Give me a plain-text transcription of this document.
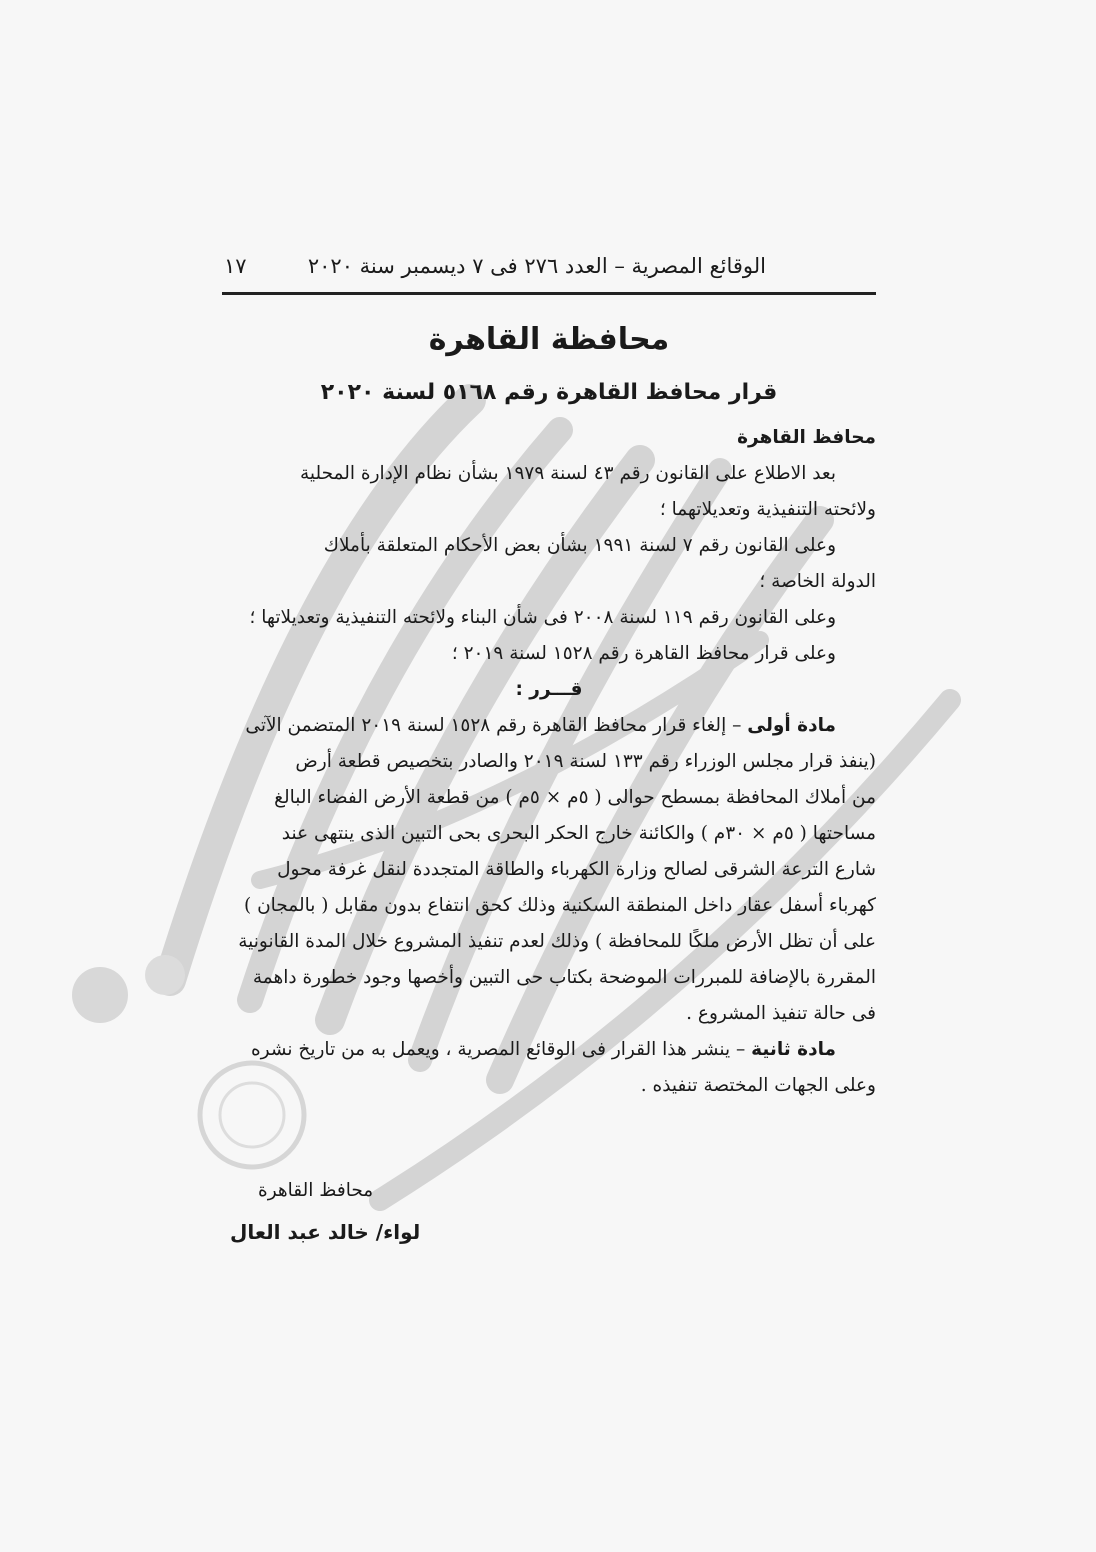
الوقائع المصرية – العدد ٢٧٦ فى ٧ ديسمبر سنة ٢٠٢٠
١٧
محافظة القاهرة
قرار محافظ القاهرة رقم ٥١٦٨ لسنة ٢٠٢٠
محافظ القاهرة
بعد الاطلاع على القانون رقم ٤٣ لسنة ١٩٧٩ بشأن نظام الإدارة المحلية
ولائحته التنفيذية وتعديلاتهما ؛
وعلى القانون رقم ٧ لسنة ١٩٩١ بشأن بعض الأحكام المتعلقة بأملاك
الدولة الخاصة ؛
وعلى القانون رقم ١١٩ لسنة ٢٠٠٨ فى شأن البناء ولائحته التنفيذية وتعديلاتها ؛
وعلى قرار محافظ القاهرة رقم ١٥٢٨ لسنة ٢٠١٩ ؛
قـــرر :
مادة أولى – إلغاء قرار محافظ القاهرة رقم ١٥٢٨ لسنة ٢٠١٩ المتضمن الآتى
(ينفذ قرار مجلس الوزراء رقم ١٣٣ لسنة ٢٠١٩ والصادر بتخصيص قطعة أرض
من أملاك المحافظة بمسطح حوالى ( ٥م × ٥م ) من قطعة الأرض الفضاء البالغ
مساحتها ( ٥م × ٣٠م ) والكائنة خارج الحكر البحرى بحى التبين الذى ينتهى عند
شارع الترعة الشرقى لصالح وزارة الكهرباء والطاقة المتجددة لنقل غرفة محول
كهرباء أسفل عقار داخل المنطقة السكنية وذلك كحق انتفاع بدون مقابل ( بالمجان )
على أن تظل الأرض ملكًا للمحافظة ) وذلك لعدم تنفيذ المشروع خلال المدة القانونية
المقررة بالإضافة للمبررات الموضحة بكتاب حى التبين وأخصها وجود خطورة داهمة
فى حالة تنفيذ المشروع .
مادة ثانية – ينشر هذا القرار فى الوقائع المصرية ، ويعمل به من تاريخ نشره
وعلى الجهات المختصة تنفيذه .
محافظ القاهرة
لواء/ خالد عبد العال
